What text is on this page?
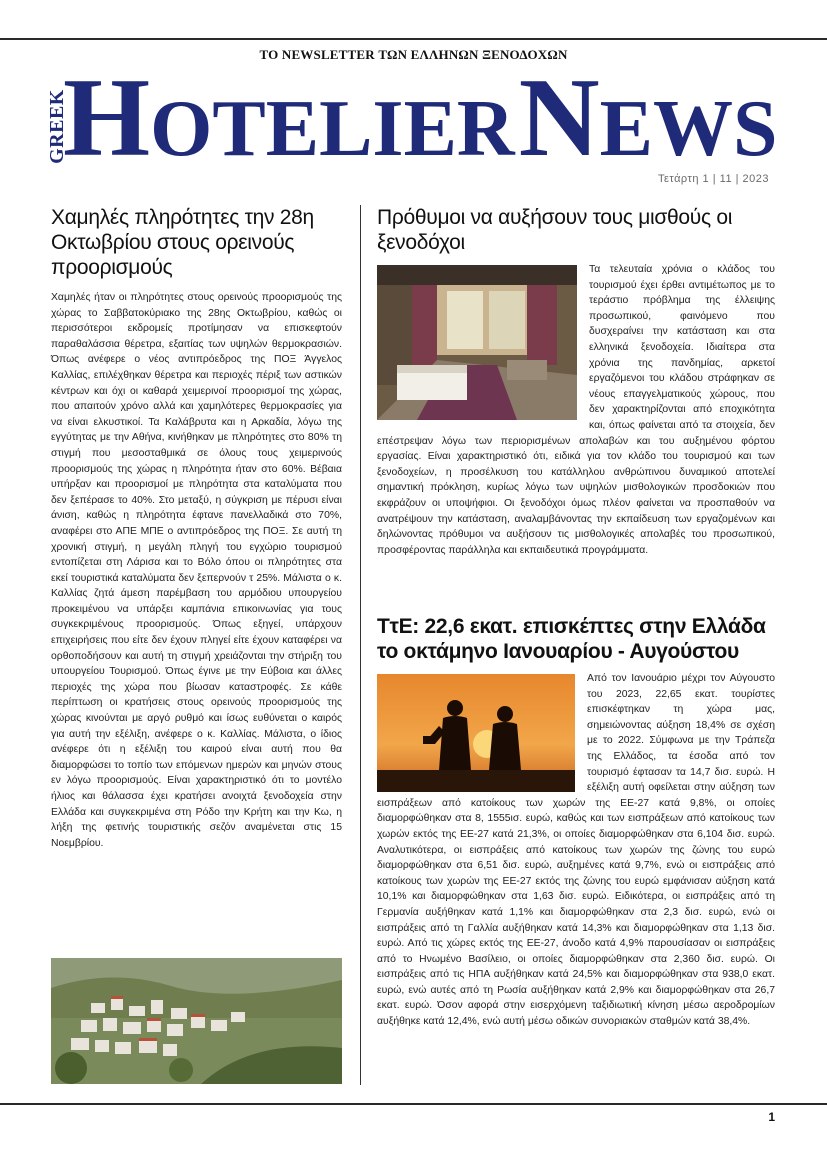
ΤΟ NEWSLETTER ΤΩΝ ΕΛΛΗΝΩΝ ΞΕΝΟΔΟΧΩΝ
GREEK
HOTELIER NEWS
Τετάρτη 1 | 11 | 2023
Χαμηλές πληρότητες την 28η Οκτωβρίου στους ορεινούς προορισμούς
Χαμηλές ήταν οι πληρότητες στους ορεινούς προορισμούς της χώρας το Σαββατοκύριακο της 28ης Οκτωβρίου, καθώς οι περισσότεροι εκδρομείς προτίμησαν να επισκεφτούν παραθαλάσσια θέρετρα, εξαιτίας των υψηλών θερμοκρασιών. Όπως ανέφερε ο νέος αντιπρόεδρος της ΠΟΞ Άγγελος Καλλίας, επιλέχθηκαν θέρετρα και περιοχές πέριξ των αστικών κέντρων και όχι οι καθαρά χειμερινοί προορισμοί της χώρας, που απαιτούν χρόνο αλλά και χαμηλότερες θερμοκρασίες για να είναι ελκυστικοί. Τα Καλάβρυτα και η Αρκαδία, λόγω της εγγύτητας με την Αθήνα, κινήθηκαν με πληρότητες στο 80% τη στιγμή που μεσοσταθμικά σε όλους τους χειμερινούς προορισμούς της χώρας η πληρότητα ήταν στο 60%. Βέβαια υπήρξαν και προορισμοί με πληρότητα στα καταλύματα που δεν ξεπέρασε το 40%. Στο μεταξύ, η σύγκριση με πέρυσι είναι άνιση, καθώς η πληρότητα έφτανε πανελλαδικά στο 70%, αναφέρει στο ΑΠΕ ΜΠΕ ο αντιπρόεδρος της ΠΟΞ. Σε αυτή τη χρονική στιγμή, η μεγάλη πληγή του εγχώριο τουρισμού εντοπίζεται στη Λάρισα και το Βόλο όπου οι πληρότητες στα εκεί τουριστικά καταλύματα δεν ξεπερνούν τ 25%. Μάλιστα ο κ. Καλλίας ζητά άμεση παρέμβαση του αρμόδιου υπουργείου προκειμένου να υπάρξει καμπάνια επικοινωνίας για τους συγκεκριμένους προορισμούς. Όπως εξηγεί, υπάρχουν επιχειρήσεις που είτε δεν έχουν πληγεί είτε έχουν καταφέρει να ορθοποδήσουν και αυτή τη στιγμή χρειάζονται την στήριξη του υπουργείου Τουρισμού. Όπως έγινε με την Εύβοια και άλλες περιοχές της χώρα που βίωσαν καταστροφές. Σε κάθε περίπτωση οι κρατήσεις στους ορεινούς προορισμούς της χώρας κινούνται με αργό ρυθμό και ίσως ευθύνεται ο καιρός για αυτή την εξέλιξη, ανέφερε ο κ. Καλλίας. Μάλιστα, ο ίδιος ανέφερε ότι η εξέλιξη του καιρού είναι αυτή που θα διαμορφώσει το τοπίο των επόμενων ημερών και μηνών στους εν λόγω προορισμούς. Είναι χαρακτηριστικό ότι το μοντέλο ήλιος και θάλασσα έχει κρατήσει ανοιχτά ξενοδοχεία στην Ελλάδα και συγκεκριμένα στη Ρόδο την Κρήτη και την Κω, η λήξη της φετινής τουριστικής σεζόν αναμένεται στις 15 Νοεμβρίου.
Πρόθυμοι να αυξήσουν τους μισθούς οι ξενοδόχοι
Τα τελευταία χρόνια ο κλάδος του τουρισμού έχει έρθει αντιμέτωπος με το τεράστιο πρόβλημα της έλλειψης προσωπικού, φαινόμενο που δυσχεραίνει την κατάσταση και στα ελληνικά ξενοδοχεία. Ιδιαίτερα στα χρόνια της πανδημίας, αρκετοί εργαζόμενοι του κλάδου στράφηκαν σε νέους επαγγελματικούς χώρους, που δεν χαρακτηρίζονται από εποχικότητα και, όπως φαίνεται από τα στοιχεία, δεν επέστρεψαν λόγω των περιορισμένων απολαβών και του αυξημένου φόρτου εργασίας. Είναι χαρακτηριστικό ότι, ειδικά για τον κλάδο του τουρισμού και των ξενοδοχείων, η προσέλκυση του κατάλληλου ανθρώπινου δυναμικού αποτελεί σημαντική πρόκληση, κυρίως λόγω των υψηλών μισθολογικών προσδοκιών που εκφράζουν οι υποψήφιοι. Οι ξενοδόχοι όμως πλέον φαίνεται να προσπαθούν να ανατρέψουν την κατάσταση, αναλαμβάνοντας την εκπαίδευση των εργαζομένων και δηλώνοντας πρόθυμοι να αυξήσουν τις μισθολογικές απολαβές του προσωπικού, προσφέροντας παράλληλα και εκπαιδευτικά προγράμματα.
ΤτΕ: 22,6 εκατ. επισκέπτες στην Ελλάδα το οκτάμηνο Ιανουαρίου - Αυγούστου
Από τον Ιανουάριο μέχρι τον Αύγουστο του 2023, 22,65 εκατ. τουρίστες επισκέφτηκαν τη χώρα μας, σημειώνοντας αύξηση 18,4% σε σχέση με το 2022. Σύμφωνα με την Τράπεζα της Ελλάδος, τα έσοδα από τον τουρισμό έφτασαν τα 14,7 δισ. ευρώ. Η εξέλιξη αυτή οφείλεται στην αύξηση των εισπράξεων από κατοίκους των χωρών της ΕΕ-27 κατά 9,8%, οι οποίες διαμορφώθηκαν στα 8, 1555ισ. ευρώ, καθώς και των εισπράξεων από κατοίκους των χωρών εκτός της ΕΕ-27 κατά 21,3%, οι οποίες διαμορφώθηκαν στα 6,104 δισ. ευρώ. Αναλυτικότερα, οι εισπράξεις από κατοίκους των χωρών της ζώνης του ευρώ διαμορφώθηκαν στα 6,51 δισ. ευρώ, αυξημένες κατά 9,7%, ενώ οι εισπράξεις από κατοίκους των χωρών της ΕΕ-27 εκτός της ζώνης του ευρώ εμφάνισαν αύξηση κατά 10,1% και διαμορφώθηκαν στα 1,63 δισ. ευρώ. Ειδικότερα, οι εισπράξεις από τη Γερμανία αυξήθηκαν κατά 1,1% και διαμορφώθηκαν στα 2,3 δισ. ευρώ, ενώ οι εισπράξεις από τη Γαλλία αυξήθηκαν κατά 14,3% και διαμορφώθηκαν στα 1,13 δισ. ευρώ. Από τις χώρες εκτός της ΕΕ-27, άνοδο κατά 4,9% παρουσίασαν οι εισπράξεις από το Ηνωμένο Βασίλειο, οι οποίες διαμορφώθηκαν στα 2,360 δισ. ευρώ. Οι εισπράξεις από τις ΗΠΑ αυξήθηκαν κατά 24,5% και διαμορφώθηκαν στα 938,0 εκατ. ευρώ, ενώ αυτές από τη Ρωσία αυξήθηκαν κατά 2,9% και διαμορφώθηκαν στα 26,7 εκατ. ευρώ. Όσον αφορά στην εισερχόμενη ταξιδιωτική κίνηση μέσω αεροδρομίων αυξήθηκε κατά 12,4%, ενώ αυτή μέσω οδικών συνοριακών σταθμών κατά 38,4%.
1
